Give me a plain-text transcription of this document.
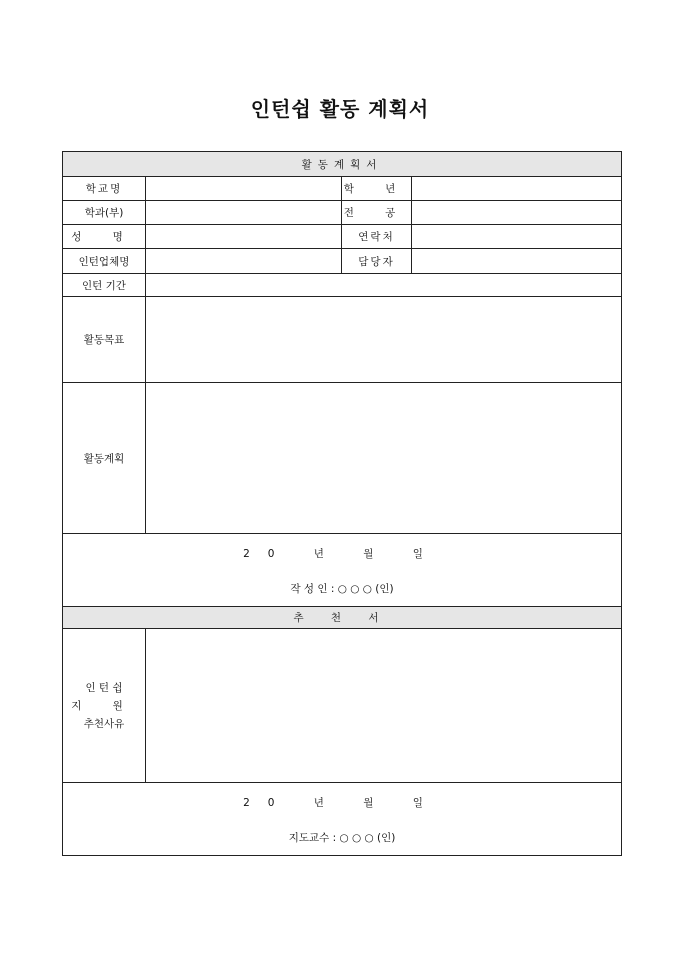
인턴쉽 활동 계획서
활동계획서			
학교명		학 년	
학과(부)		전 공	
성 명		연락처	
인턴업체명		담당자	
인턴 기간			
활동목표			
활동계획			

20 년 월 일
작 성 인 : ○ ○ ○ (인)			

추 천 서			

인 턴 쉽
지 원
추천사유			

20 년 월 일
지도교수 : ○ ○ ○ (인)			
